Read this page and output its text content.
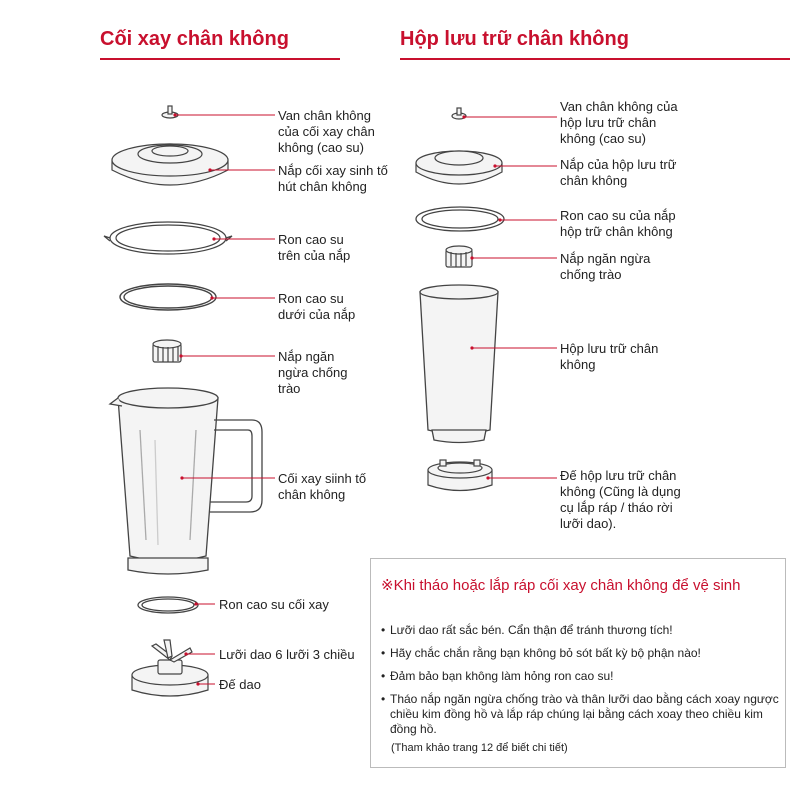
Cối xay chân không	Hộp lưu trữ chân không
Van chân không của cối xay chân không (cao su)
Nắp cối xay sinh tố hút chân không
Ron cao su trên của nắp
Ron cao su dưới của nắp
Nắp ngăn ngừa chống trào
Cối xay siinh tố chân không
Ron cao su cối xay
Lưỡi dao 6 lưỡi 3 chiều
Đế dao
Van chân không của hộp lưu trữ chân không (cao su)
Nắp của hộp lưu trữ chân không
Ron cao su của nắp hộp trữ chân không
Nắp ngăn ngừa chống trào
Hộp lưu trữ chân không
Đế hộp lưu trữ chân không (Cũng là dụng cụ lắp ráp / tháo rời lưỡi dao).
※Khi tháo hoặc lắp ráp cối xay chân không để vệ sinh
• Lưỡi dao rất sắc bén. Cẩn thận để tránh thương tích!
• Hãy chắc chắn rằng bạn không bỏ sót bất kỳ bộ phận nào!
• Đảm bảo bạn không làm hỏng ron cao su!
• Tháo nắp ngăn ngừa chống trào và thân lưỡi dao bằng cách xoay ngược chiều kim đồng hồ và lắp ráp chúng lại bằng cách xoay theo chiều kim đồng hồ.
(Tham khảo trang 12 để biết chi tiết)
